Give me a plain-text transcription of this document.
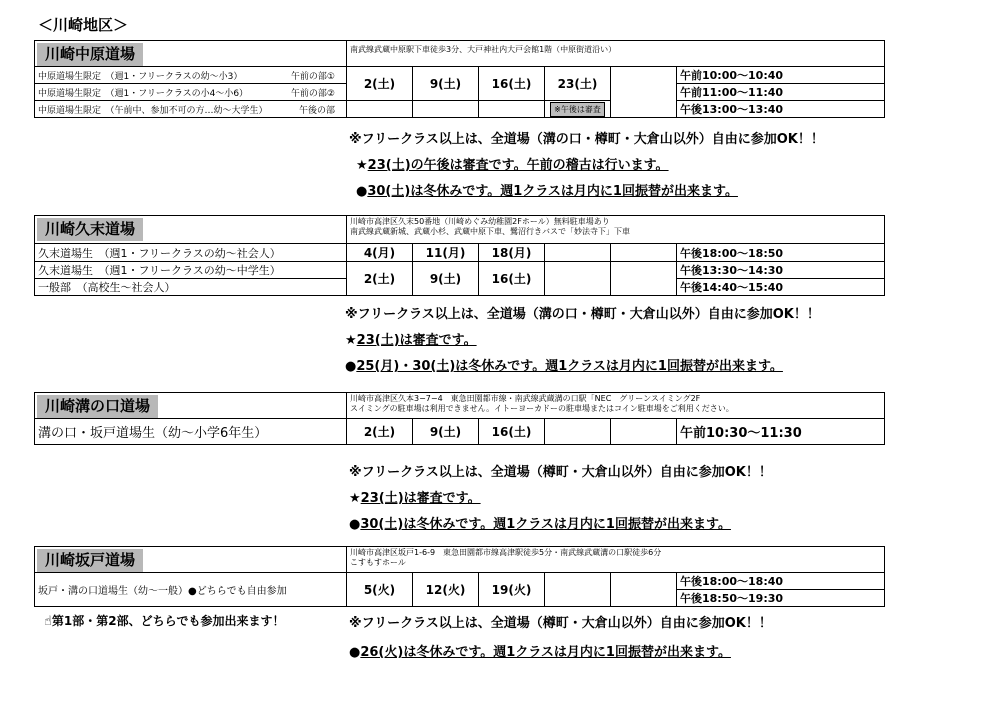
＜川崎地区＞
川崎中原道場	南武線武蔵中原駅下車徒歩3分、大戸神社内大戸会館1階（中原街道沿い）					

中原道場生限定　（週1・フリークラスの幼～小3） 午前の部①	2(土)	9(土)	16(土)	23(土)		午前10:00～10:40

中原道場生限定　（週1・フリークラスの小4～小6） 午前の部②						午前11:00～11:40

中原道場生限定　（午前中、参加不可の方…幼～大学生） 午後の部				※午後は審査		午後13:00～13:40
※フリークラス以上は、全道場（溝の口・樽町・大倉山以外）自由に参加OK！！
★23(土)の午後は審査です。午前の稽古は行います。
●30(土)は冬休みです。週1クラスは月内に1回振替が出来ます。
川崎久末道場	川崎市高津区久末50番地（川崎めぐみ幼稚園2Fホール）無料駐車場あり
南武線武蔵新城、武蔵小杉、武蔵中原下車、鷺沼行きバスで「妙法寺下」下車					

久末道場生　（週1・フリークラスの幼～社会人）	4(月)	11(月)	18(月)			午後18:00～18:50
久末道場生　（週1・フリークラスの幼～中学生）	2(土)	9(土)	16(土)			午後13:30～14:30
一般部　（高校生～社会人）						午後14:40～15:40
※フリークラス以上は、全道場（溝の口・樽町・大倉山以外）自由に参加OK！！
★23(土)は審査です。
●25(月)・30(土)は冬休みです。週1クラスは月内に1回振替が出来ます。
川崎溝の口道場	川崎市高津区久本3−7−4　東急田園都市線・南武線武蔵溝の口駅「NEC　グリーンスイミング2F
スイミングの駐車場は利用できません。イトーヨーカドーの駐車場またはコイン駐車場をご利用ください。					

溝の口・坂戸道場生（幼～小学6年生）	2(土)	9(土)	16(土)			午前10:30～11:30
※フリークラス以上は、全道場（樽町・大倉山以外）自由に参加OK！！
★23(土)は審査です。
●30(土)は冬休みです。週1クラスは月内に1回振替が出来ます。
川崎坂戸道場	川崎市高津区坂戸1-6-9　東急田園都市線高津駅徒歩5分・南武線武蔵溝の口駅徒歩6分
こすもすホール					

坂戸・溝の口道場生（幼～一般）●どちらでも自由参加	5(火)	12(火)	19(火)			午後18:00～18:40
						午後18:50～19:30
☝第1部・第2部、どちらでも参加出来ます！	※フリークラス以上は、全道場（樽町・大倉山以外）自由に参加OK！！
●26(火)は冬休みです。週1クラスは月内に1回振替が出来ます。
